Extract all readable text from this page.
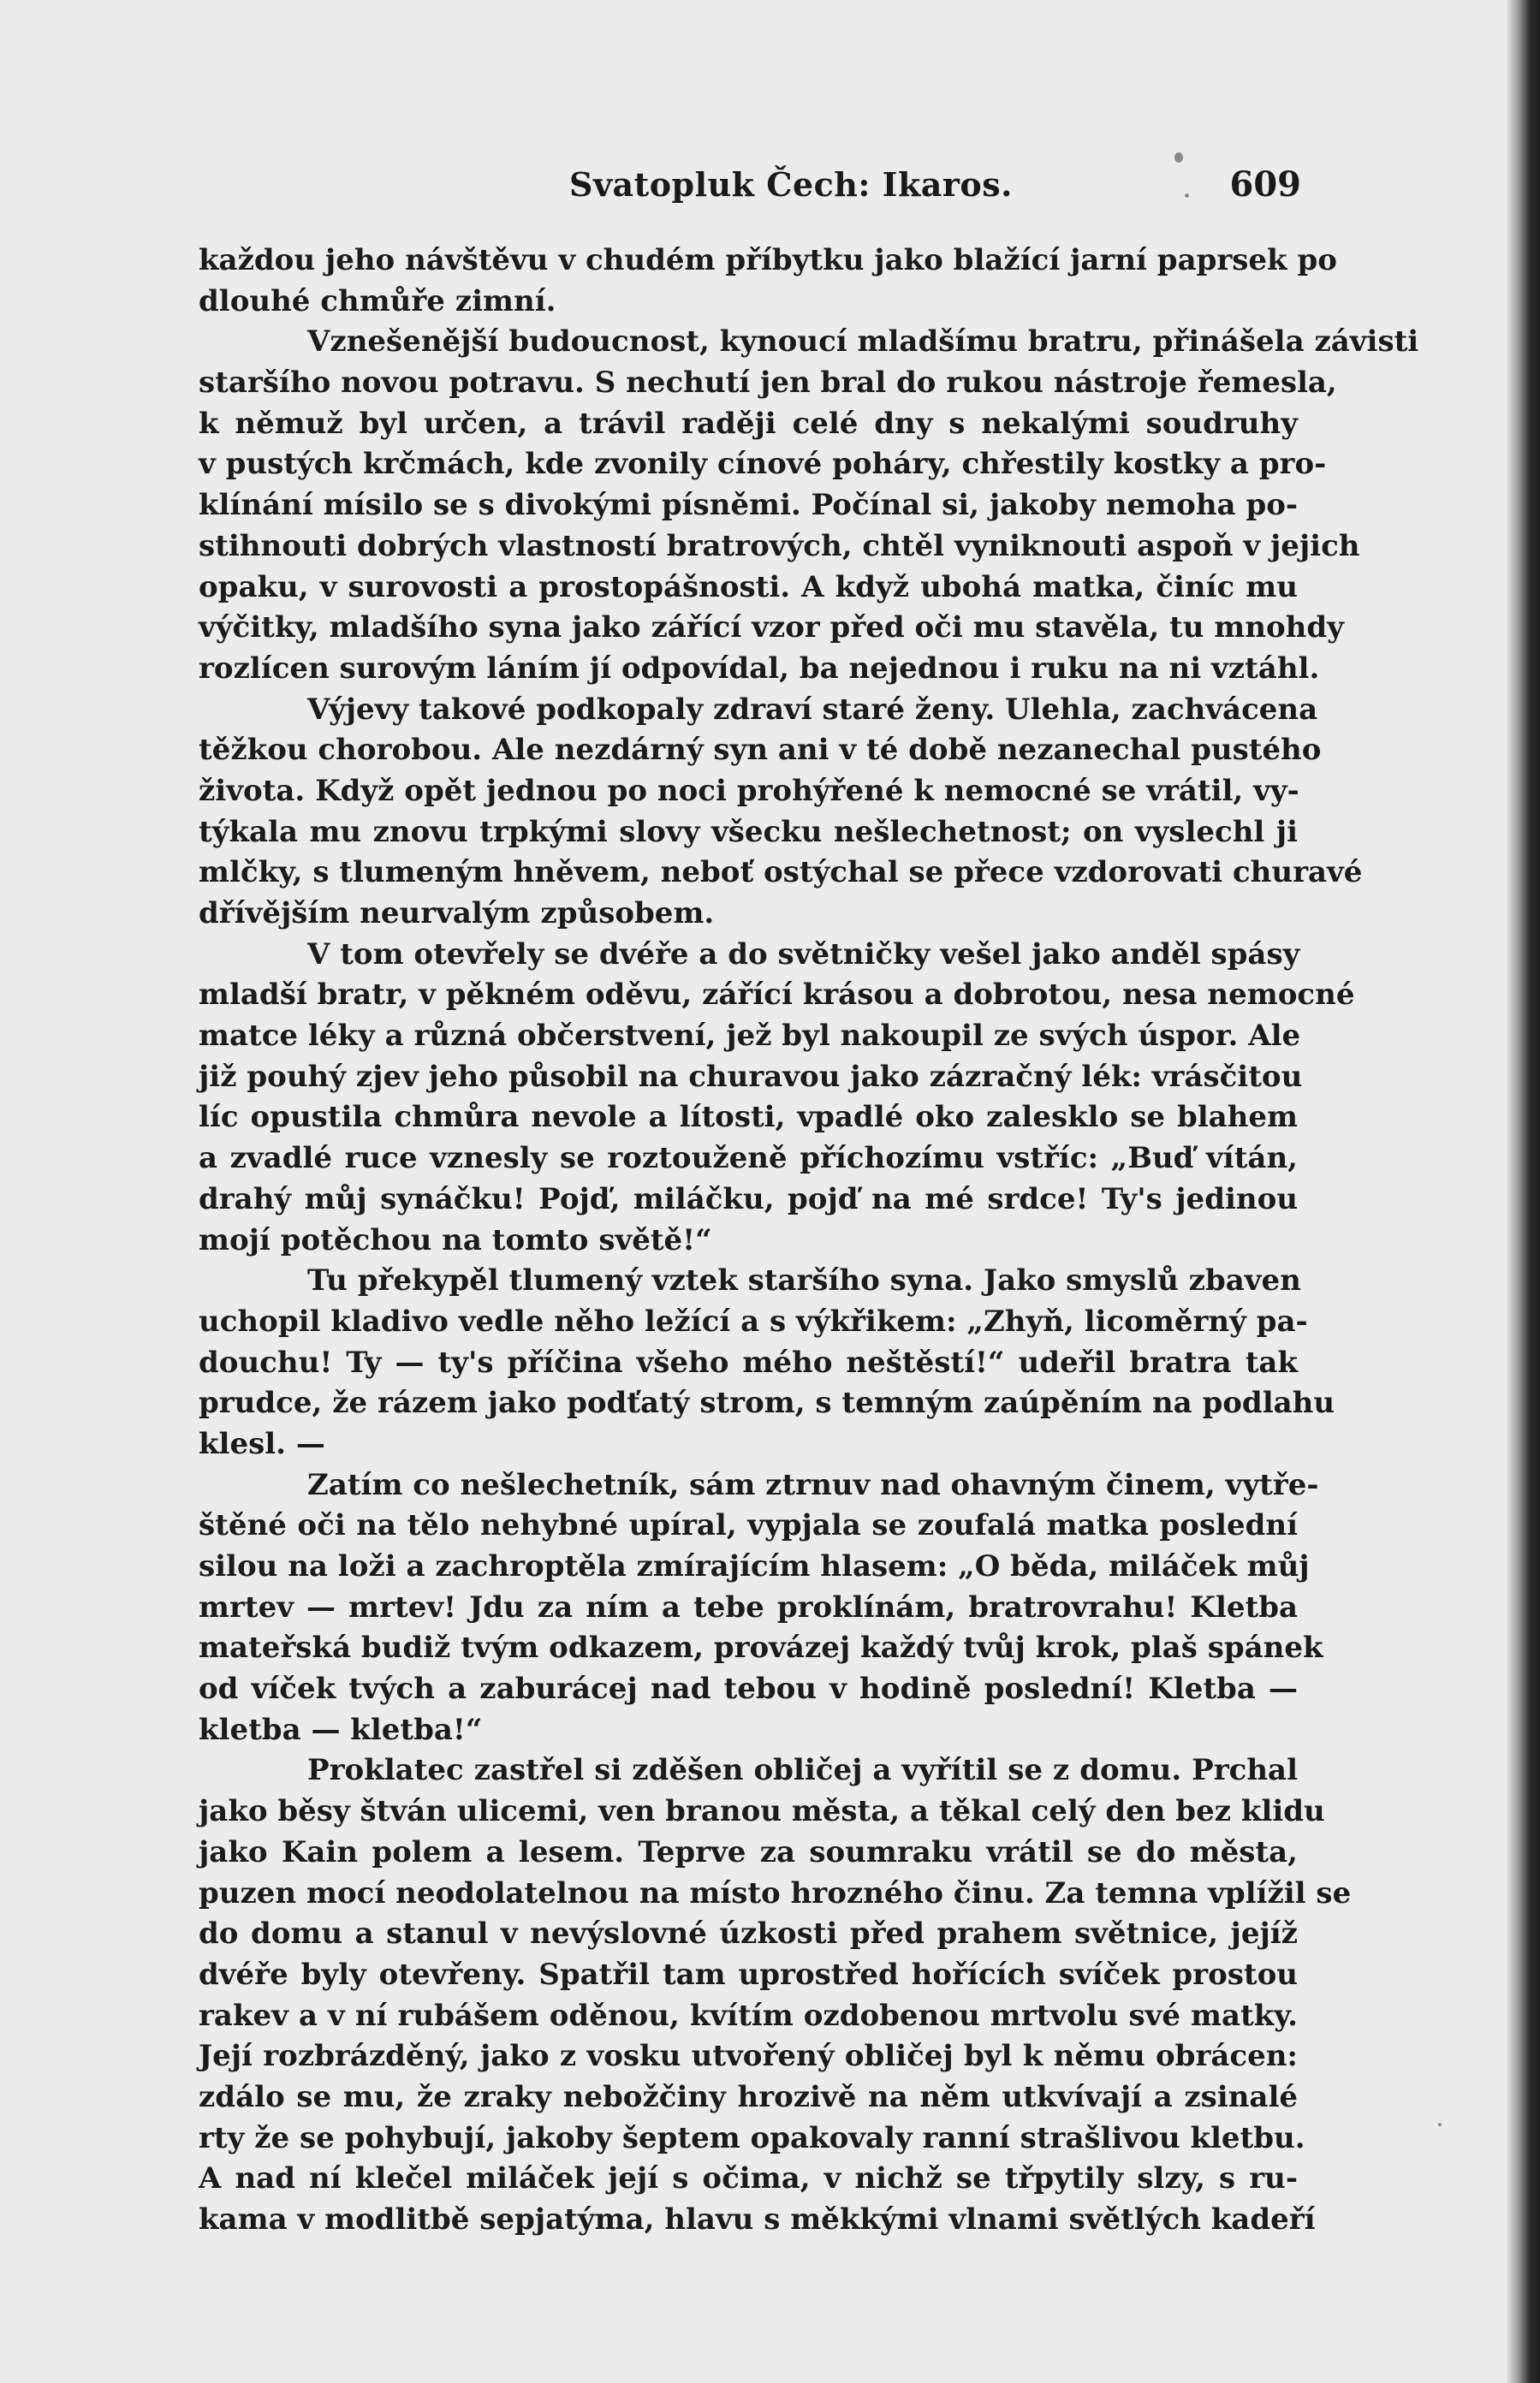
Svatopluk Čech: Ikaros.	609
každou jeho návštěvu v chudém příbytku jako blažící jarní paprsek po
dlouhé chmůře zimní.
Vznešenější budoucnost, kynoucí mladšímu bratru, přinášela závisti
staršího novou potravu. S nechutí jen bral do rukou nástroje řemesla,
k němuž byl určen, a trávil raději celé dny s nekalými soudruhy
v pustých krčmách, kde zvonily cínové poháry, chřestily kostky a pro-
klínání mísilo se s divokými písněmi. Počínal si, jakoby nemoha po-
stihnouti dobrých vlastností bratrových, chtěl vyniknouti aspoň v jejich
opaku, v surovosti a prostopášnosti. A když ubohá matka, činíc mu
výčitky, mladšího syna jako zářící vzor před oči mu stavěla, tu mnohdy
rozlícen surovým láním jí odpovídal, ba nejednou i ruku na ni vztáhl.
Výjevy takové podkopaly zdraví staré ženy. Ulehla, zachvácena
těžkou chorobou. Ale nezdárný syn ani v té době nezanechal pustého
života. Když opět jednou po noci prohýřené k nemocné se vrátil, vy-
týkala mu znovu trpkými slovy všecku nešlechetnost; on vyslechl ji
mlčky, s tlumeným hněvem, neboť ostýchal se přece vzdorovati churavé
dřívějším neurvalým způsobem.
V tom otevřely se dvéře a do světničky vešel jako anděl spásy
mladší bratr, v pěkném oděvu, zářící krásou a dobrotou, nesa nemocné
matce léky a různá občerstvení, jež byl nakoupil ze svých úspor. Ale
již pouhý zjev jeho působil na churavou jako zázračný lék: vrásčitou
líc opustila chmůra nevole a lítosti, vpadlé oko zalesklo se blahem
a zvadlé ruce vznesly se roztouženě příchozímu vstříc: „Buď vítán,
drahý můj synáčku! Pojď, miláčku, pojď na mé srdce! Ty's jedinou
mojí potěchou na tomto světě!“
Tu překypěl tlumený vztek staršího syna. Jako smyslů zbaven
uchopil kladivo vedle něho ležící a s výkřikem: „Zhyň, licoměrný pa-
douchu! Ty — ty's příčina všeho mého neštěstí!“ udeřil bratra tak
prudce, že rázem jako podťatý strom, s temným zaúpěním na podlahu
klesl. —
Zatím co nešlechetník, sám ztrnuv nad ohavným činem, vytře-
štěné oči na tělo nehybné upíral, vypjala se zoufalá matka poslední
silou na loži a zachroptěla zmírajícím hlasem: „O běda, miláček můj
mrtev — mrtev! Jdu za ním a tebe proklínám, bratrovrahu! Kletba
mateřská budiž tvým odkazem, provázej každý tvůj krok, plaš spánek
od víček tvých a zaburácej nad tebou v hodině poslední! Kletba —
kletba — kletba!“
Proklatec zastřel si zděšen obličej a vyřítil se z domu. Prchal
jako běsy štván ulicemi, ven branou města, a těkal celý den bez klidu
jako Kain polem a lesem. Teprve za soumraku vrátil se do města,
puzen mocí neodolatelnou na místo hrozného činu. Za temna vplížil se
do domu a stanul v nevýslovné úzkosti před prahem světnice, jejíž
dvéře byly otevřeny. Spatřil tam uprostřed hořících svíček prostou
rakev a v ní rubášem oděnou, kvítím ozdobenou mrtvolu své matky.
Její rozbrázděný, jako z vosku utvořený obličej byl k němu obrácen:
zdálo se mu, že zraky nebožčiny hrozivě na něm utkvívají a zsinalé
rty že se pohybují, jakoby šeptem opakovaly ranní strašlivou kletbu.
A nad ní klečel miláček její s očima, v nichž se třpytily slzy, s ru-
kama v modlitbě sepjatýma, hlavu s měkkými vlnami světlých kadeří
